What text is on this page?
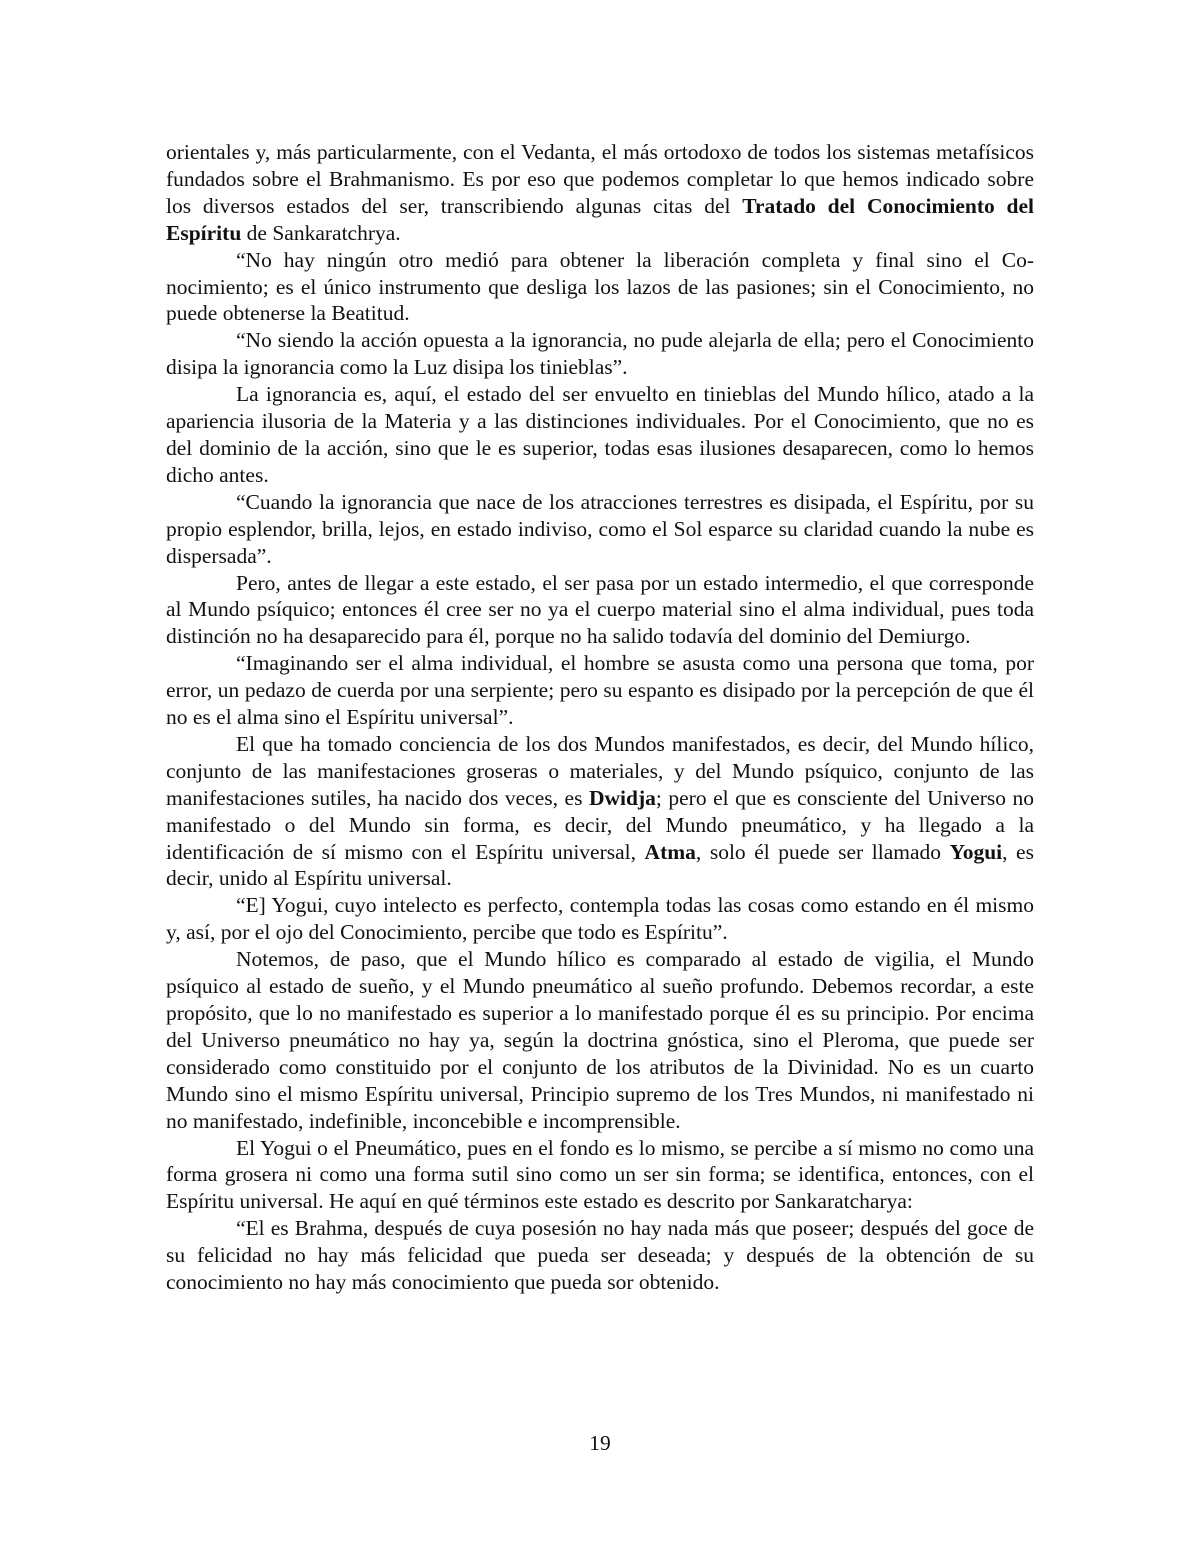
orientales y, más particularmente, con el Vedanta, el más ortodoxo de todos los sistemas metafísicos fundados sobre el Brahmanismo. Es por eso que podemos completar lo que hemos indicado sobre los diversos estados del ser, transcribiendo algunas citas del Tratado del Conocimiento del Espíritu de Sankaratchrya.

“No hay ningún otro medió para obtener la liberación completa y final sino el Conocimiento; es el único instrumento que desliga los lazos de las pasiones; sin el Conocimiento, no puede obtenerse la Beatitud.

“No siendo la acción opuesta a la ignorancia, no pude alejarla de ella; pero el Conocimiento disipa la ignorancia como la Luz disipa los tinieblas”.

La ignorancia es, aquí, el estado del ser envuelto en tinieblas del Mundo hílico, atado a la apariencia ilusoria de la Materia y a las distinciones individuales. Por el Conocimiento, que no es del dominio de la acción, sino que le es superior, todas esas ilusiones desaparecen, como lo hemos dicho antes.

“Cuando la ignorancia que nace de los atracciones terrestres es disipada, el Espíritu, por su propio esplendor, brilla, lejos, en estado indiviso, como el Sol esparce su claridad cuando la nube es dispersada”.

Pero, antes de llegar a este estado, el ser pasa por un estado intermedio, el que corresponde al Mundo psíquico; entonces él cree ser no ya el cuerpo material sino el alma individual, pues toda distinción no ha desaparecido para él, porque no ha salido todavía del dominio del Demiurgo.

“Imaginando ser el alma individual, el hombre se asusta como una persona que toma, por error, un pedazo de cuerda por una serpiente; pero su espanto es disipado por la percepción de que él no es el alma sino el Espíritu universal”.

El que ha tomado conciencia de los dos Mundos manifestados, es decir, del Mundo hílico, conjunto de las manifestaciones groseras o materiales, y del Mundo psíquico, conjunto de las manifestaciones sutiles, ha nacido dos veces, es Dwidja; pero el que es consciente del Universo no manifestado o del Mundo sin forma, es decir, del Mundo pneumático, y ha llegado a la identificación de sí mismo con el Espíritu universal, Atma, solo él puede ser llamado Yogui, es decir, unido al Espíritu universal.

“E] Yogui, cuyo intelecto es perfecto, contempla todas las cosas como estando en él mismo y, así, por el ojo del Conocimiento, percibe que todo es Espíritu”.

Notemos, de paso, que el Mundo hílico es comparado al estado de vigilia, el Mundo psíquico al estado de sueño, y el Mundo pneumático al sueño profundo. Debemos recordar, a este propósito, que lo no manifestado es superior a lo manifestado porque él es su principio. Por encima del Universo pneumático no hay ya, según la doctrina gnóstica, sino el Pleroma, que puede ser considerado como constituido por el conjunto de los atributos de la Divinidad. No es un cuarto Mundo sino el mismo Espíritu universal, Principio supremo de los Tres Mundos, ni manifestado ni no manifestado, indefinible, inconcebible e incomprensible.

El Yogui o el Pneumático, pues en el fondo es lo mismo, se percibe a sí mismo no como una forma grosera ni como una forma sutil sino como un ser sin forma; se identifica, entonces, con el Espíritu universal. He aquí en qué términos este estado es descrito por Sankaratcharya:

“El es Brahma, después de cuya posesión no hay nada más que poseer; después del goce de su felicidad no hay más felicidad que pueda ser deseada; y después de la obtención de su conocimiento no hay más conocimiento que pueda sor obtenido.

19
